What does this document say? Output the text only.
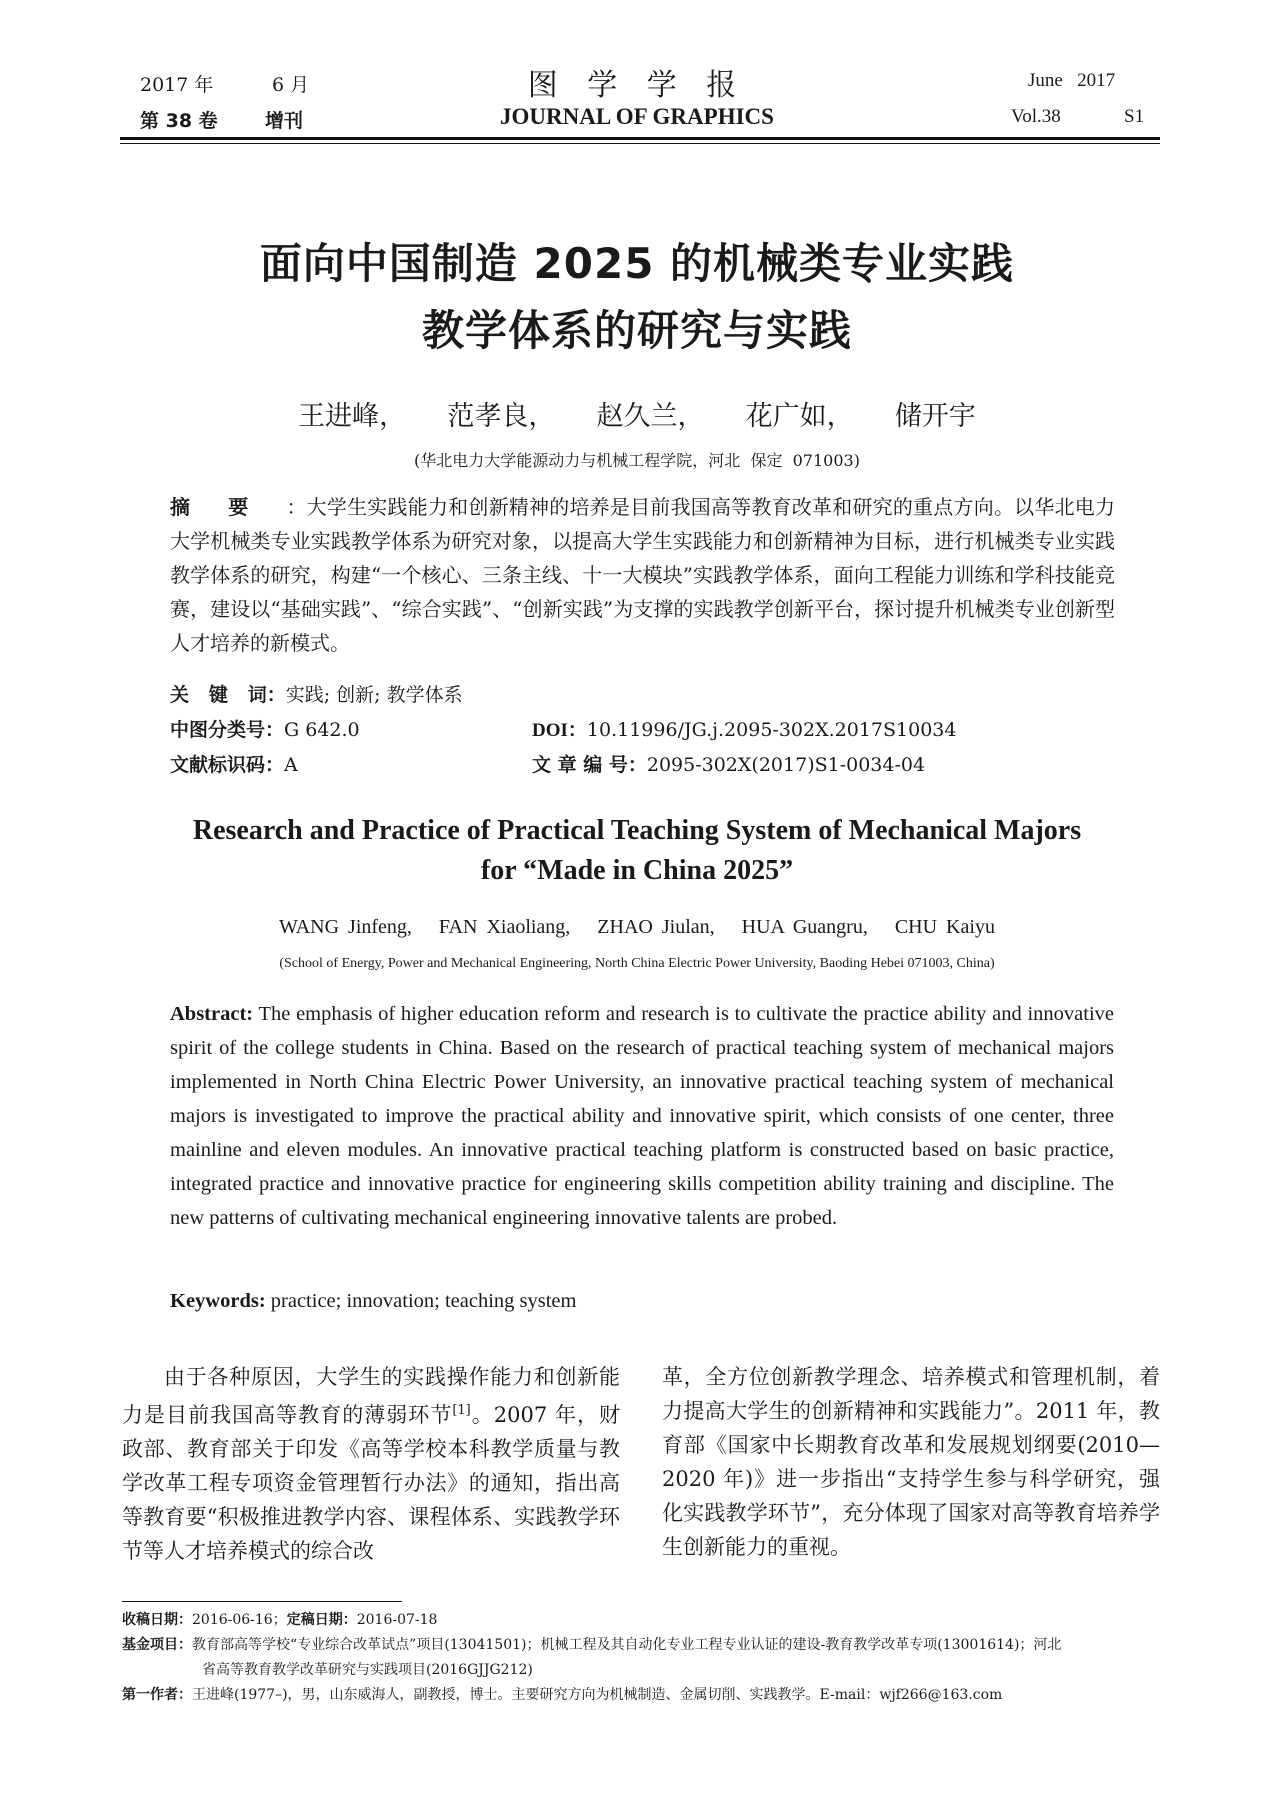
2017 年	6 月
第 38 卷 增刊
图 学 学 报
JOURNAL OF GRAPHICS
June   2017
Vol.38	S1
面向中国制造 2025 的机械类专业实践
教学体系的研究与实践
王进峰，  范孝良，  赵久兰，  花广如，  储开宇
(华北电力大学能源动力与机械工程学院，河北  保定  071003)
摘要：大学生实践能力和创新精神的培养是目前我国高等教育改革和研究的重点方向。以华北电力大学机械类专业实践教学体系为研究对象，以提高大学生实践能力和创新精神为目标，进行机械类专业实践教学体系的研究，构建“一个核心、三条主线、十一大模块”实践教学体系，面向工程能力训练和学科技能竞赛，建设以“基础实践”、“综合实践”、“创新实践”为支撑的实践教学创新平台，探讨提升机械类专业创新型人才培养的新模式。
关   键   词：实践; 创新; 教学体系
中图分类号：G 642.0	DOI：10.11996/JG.j.2095-302X.2017S10034
文献标识码：A	文 章 编 号：2095-302X(2017)S1-0034-04
Research and Practice of Practical Teaching System of Mechanical Majors
for “Made in China 2025”
WANG Jinfeng,   FAN Xiaoliang,   ZHAO Jiulan,   HUA Guangru,   CHU Kaiyu
(School of Energy, Power and Mechanical Engineering, North China Electric Power University, Baoding Hebei 071003, China)
Abstract: The emphasis of higher education reform and research is to cultivate the practice ability and innovative spirit of the college students in China. Based on the research of practical teaching system of mechanical majors implemented in North China Electric Power University, an innovative practical teaching system of mechanical majors is investigated to improve the practical ability and innovative spirit, which consists of one center, three mainline and eleven modules. An innovative practical teaching platform is constructed based on basic practice, integrated practice and innovative practice for engineering skills competition ability training and discipline. The new patterns of cultivating mechanical engineering innovative talents are probed.
Keywords: practice; innovation; teaching system
由于各种原因，大学生的实践操作能力和创新能力是目前我国高等教育的薄弱环节[1]。2007 年，财政部、教育部关于印发《高等学校本科教学质量与教学改革工程专项资金管理暂行办法》的通知，指出高等教育要“积极推进教学内容、课程体系、实践教学环节等人才培养模式的综合改
革，全方位创新教学理念、培养模式和管理机制，着力提高大学生的创新精神和实践能力”。2011 年，教育部《国家中长期教育改革和发展规划纲要(2010—2020 年)》进一步指出“支持学生参与科学研究，强化实践教学环节”，充分体现了国家对高等教育培养学生创新能力的重视。
收稿日期：2016-06-16；定稿日期：2016-07-18
基金项目：教育部高等学校“专业综合改革试点”项目(13041501)；机械工程及其自动化专业工程专业认证的建设-教育教学改革专项(13001614)；河北
省高等教育教学改革研究与实践项目(2016GJJG212)
第一作者：王进峰(1977–)，男，山东威海人，副教授，博士。主要研究方向为机械制造、金属切削、实践教学。E-mail：wjf266@163.com
